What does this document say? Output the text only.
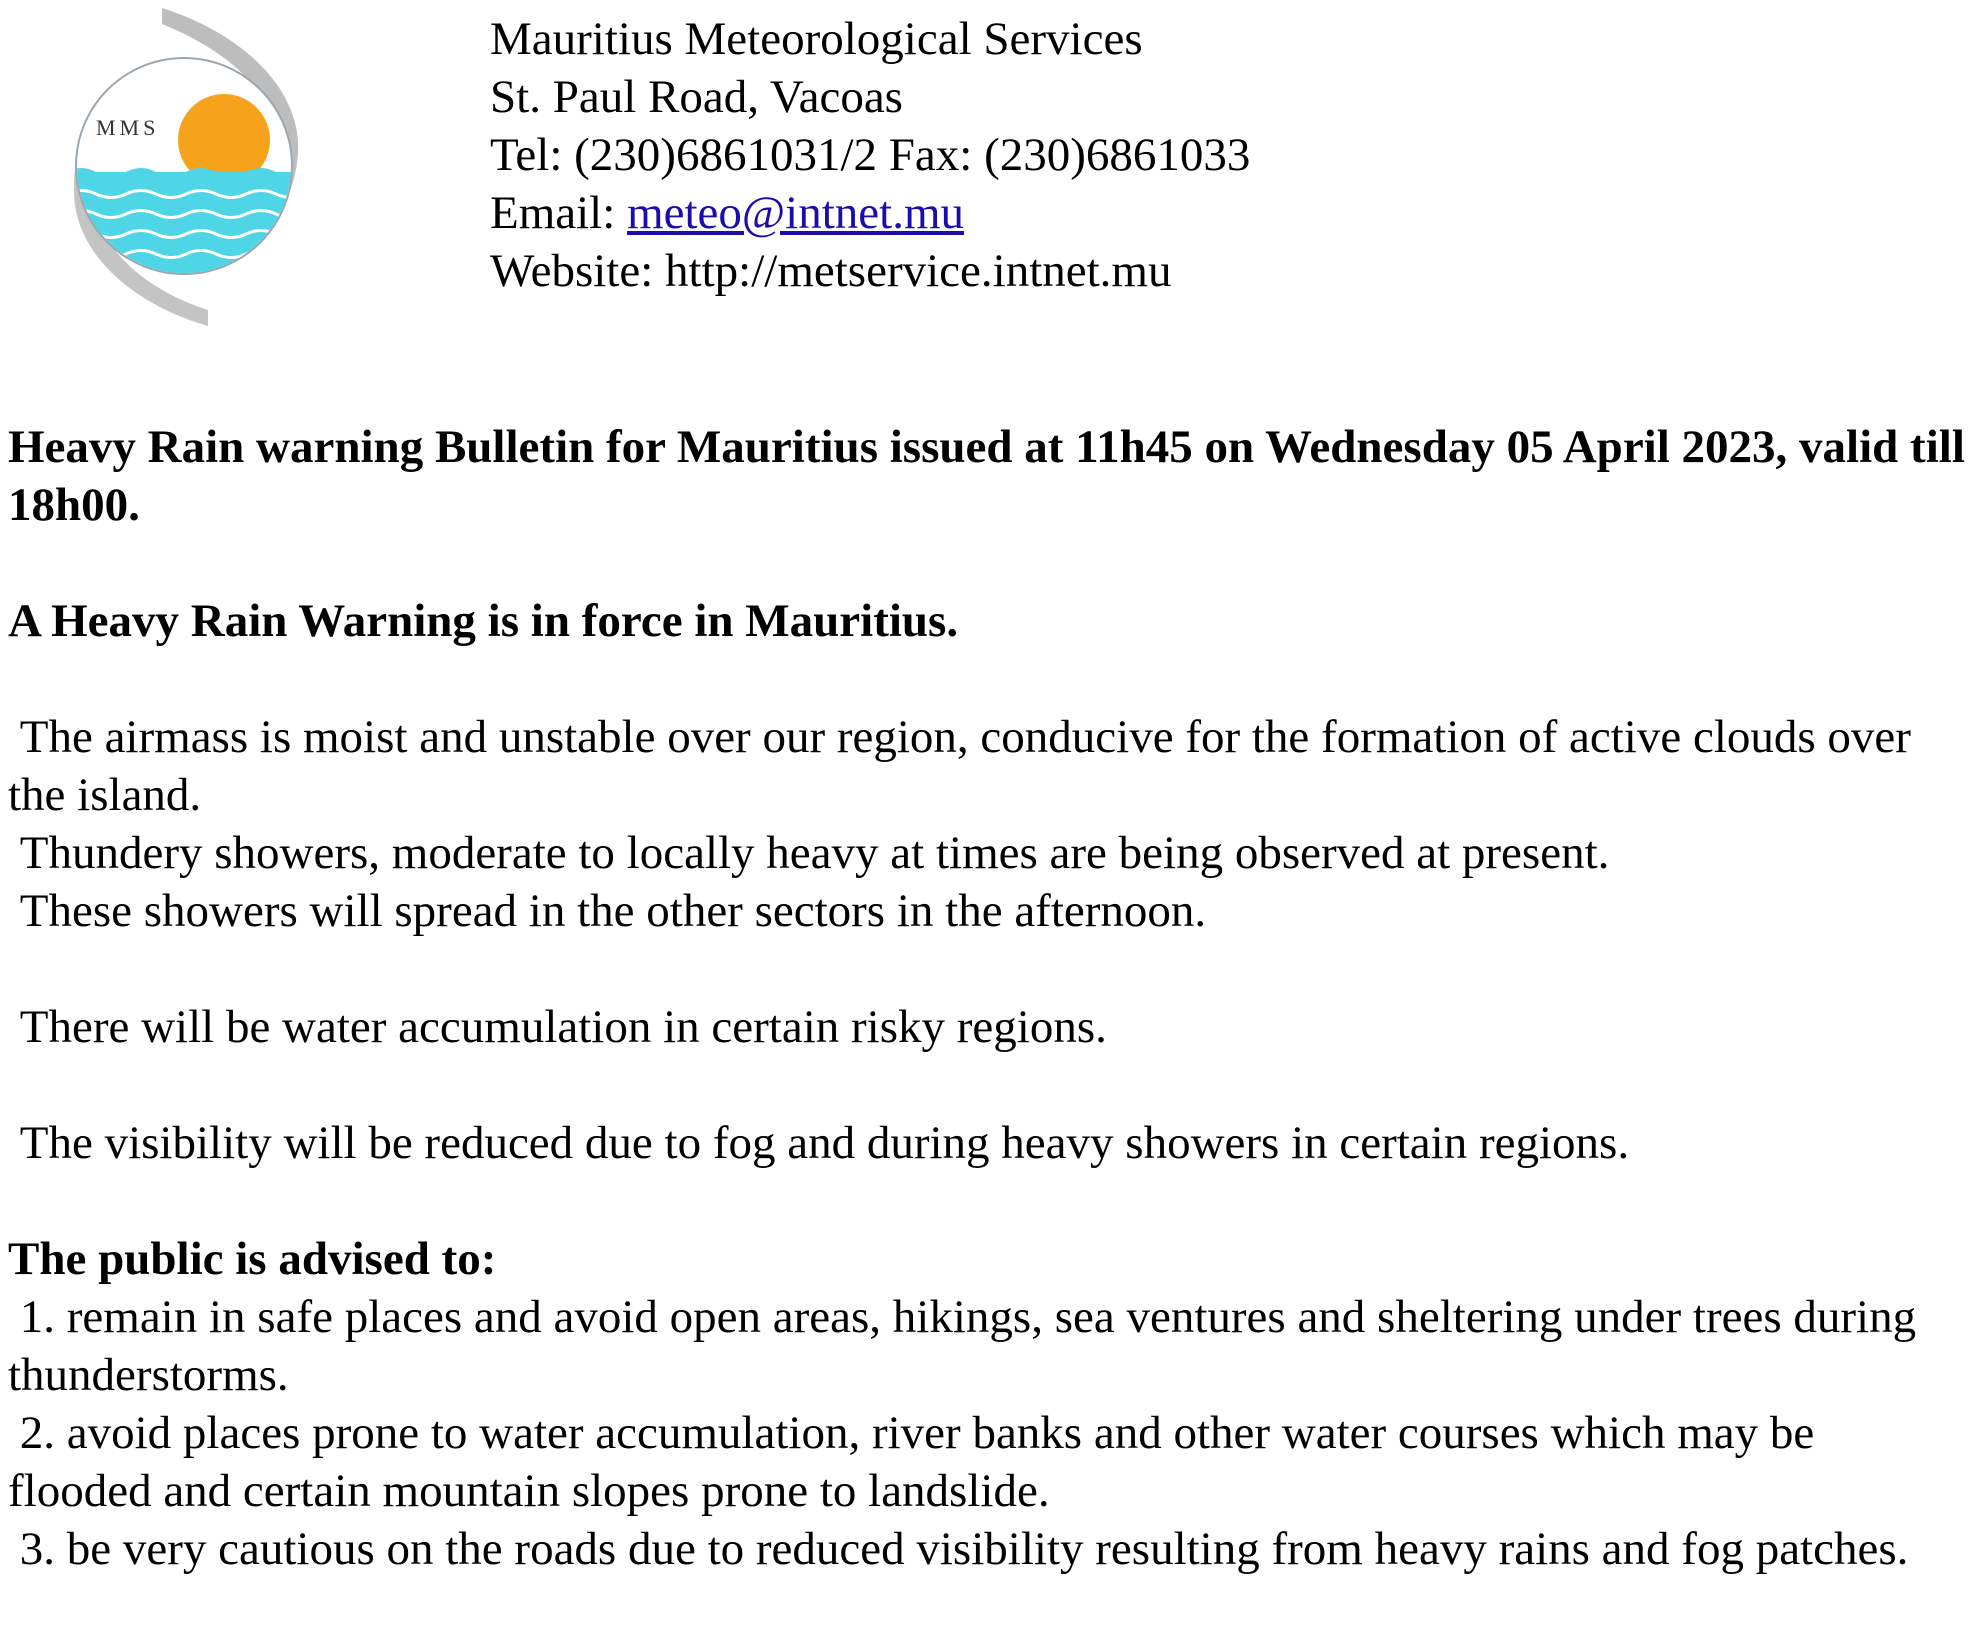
MMS
Mauritius Meteorological Services
St. Paul Road, Vacoas
Tel: (230)6861031/2 Fax: (230)6861033
Email: meteo@intnet.mu
Website: http://metservice.intnet.mu

Heavy Rain warning Bulletin for Mauritius issued at 11h45 on Wednesday 05 April 2023, valid till 18h00.

A Heavy Rain Warning is in force in Mauritius.

The airmass is moist and unstable over our region, conducive for the formation of active clouds over the island.

Thundery showers, moderate to locally heavy at times are being observed at present.

These showers will spread in the other sectors in the afternoon.

There will be water accumulation in certain risky regions.

The visibility will be reduced due to fog and during heavy showers in certain regions.

The public is advised to:

1. remain in safe places and avoid open areas, hikings, sea ventures and sheltering under trees during thunderstorms.

2. avoid places prone to water accumulation, river banks and other water courses which may be flooded and certain mountain slopes prone to landslide.

3. be very cautious on the roads due to reduced visibility resulting from heavy rains and fog patches.
